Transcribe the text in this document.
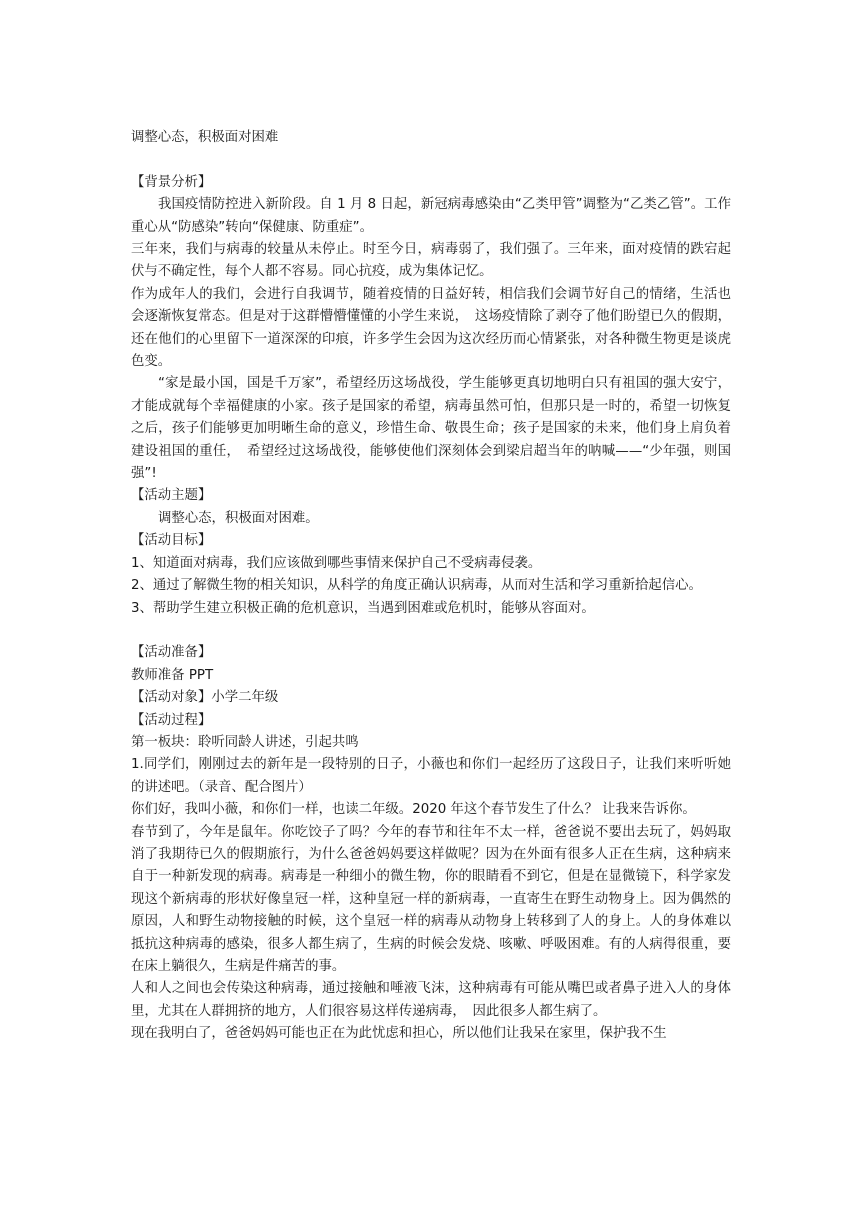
调整心态，积极面对困难

【背景分析】

我国疫情防控进入新阶段。自 1 月 8 日起，新冠病毒感染由“乙类甲管”调整为“乙类乙管”。工作重心从“防感染”转向“保健康、防重症”。

三年来，我们与病毒的较量从未停止。时至今日，病毒弱了，我们强了。三年来，面对疫情的跌宕起伏与不确定性，每个人都不容易。同心抗疫，成为集体记忆。

作为成年人的我们，会进行自我调节，随着疫情的日益好转，相信我们会调节好自己的情绪，生活也会逐渐恢复常态。但是对于这群懵懵懂懂的小学生来说，　这场疫情除了剥夺了他们盼望已久的假期，还在他们的心里留下一道深深的印痕，许多学生会因为这次经历而心情紧张，对各种微生物更是谈虎色变。

“家是最小国，国是千万家”，希望经历这场战役，学生能够更真切地明白只有祖国的强大安宁，才能成就每个幸福健康的小家。孩子是国家的希望，病毒虽然可怕，但那只是一时的，希望一切恢复之后，孩子们能够更加明晰生命的意义，珍惜生命、敬畏生命；孩子是国家的未来，他们身上肩负着建设祖国的重任，　希望经过这场战役，能够使他们深刻体会到梁启超当年的呐喊——“少年强，则国强”!

【活动主题】

调整心态，积极面对困难。

【活动目标】

1、知道面对病毒，我们应该做到哪些事情来保护自己不受病毒侵袭。

2、通过了解微生物的相关知识，从科学的角度正确认识病毒，从而对生活和学习重新拾起信心。

3、帮助学生建立积极正确的危机意识，当遇到困难或危机时，能够从容面对。

【活动准备】

教师准备 PPT

【活动对象】小学二年级

【活动过程】

第一板块：聆听同龄人讲述，引起共鸣

1.同学们，刚刚过去的新年是一段特别的日子，小薇也和你们一起经历了这段日子，让我们来听听她的讲述吧。（录音、配合图片）

你们好，我叫小薇，和你们一样，也读二年级。2020 年这个春节发生了什么？ 让我来告诉你。

春节到了，今年是鼠年。你吃饺子了吗？今年的春节和往年不太一样，爸爸说不要出去玩了，妈妈取消了我期待已久的假期旅行，为什么爸爸妈妈要这样做呢？因为在外面有很多人正在生病，这种病来自于一种新发现的病毒。病毒是一种细小的微生物，你的眼睛看不到它，但是在显微镜下，科学家发现这个新病毒的形状好像皇冠一样，这种皇冠一样的新病毒，一直寄生在野生动物身上。因为偶然的原因，人和野生动物接触的时候，这个皇冠一样的病毒从动物身上转移到了人的身上。人的身体难以抵抗这种病毒的感染，很多人都生病了，生病的时候会发烧、咳嗽、呼吸困难。有的人病得很重，要在床上躺很久，生病是件痛苦的事。

人和人之间也会传染这种病毒，通过接触和唾液飞沫，这种病毒有可能从嘴巴或者鼻子进入人的身体里，尤其在人群拥挤的地方，人们很容易这样传递病毒，　因此很多人都生病了。

现在我明白了，爸爸妈妈可能也正在为此忧虑和担心，所以他们让我呆在家里，保护我不生
